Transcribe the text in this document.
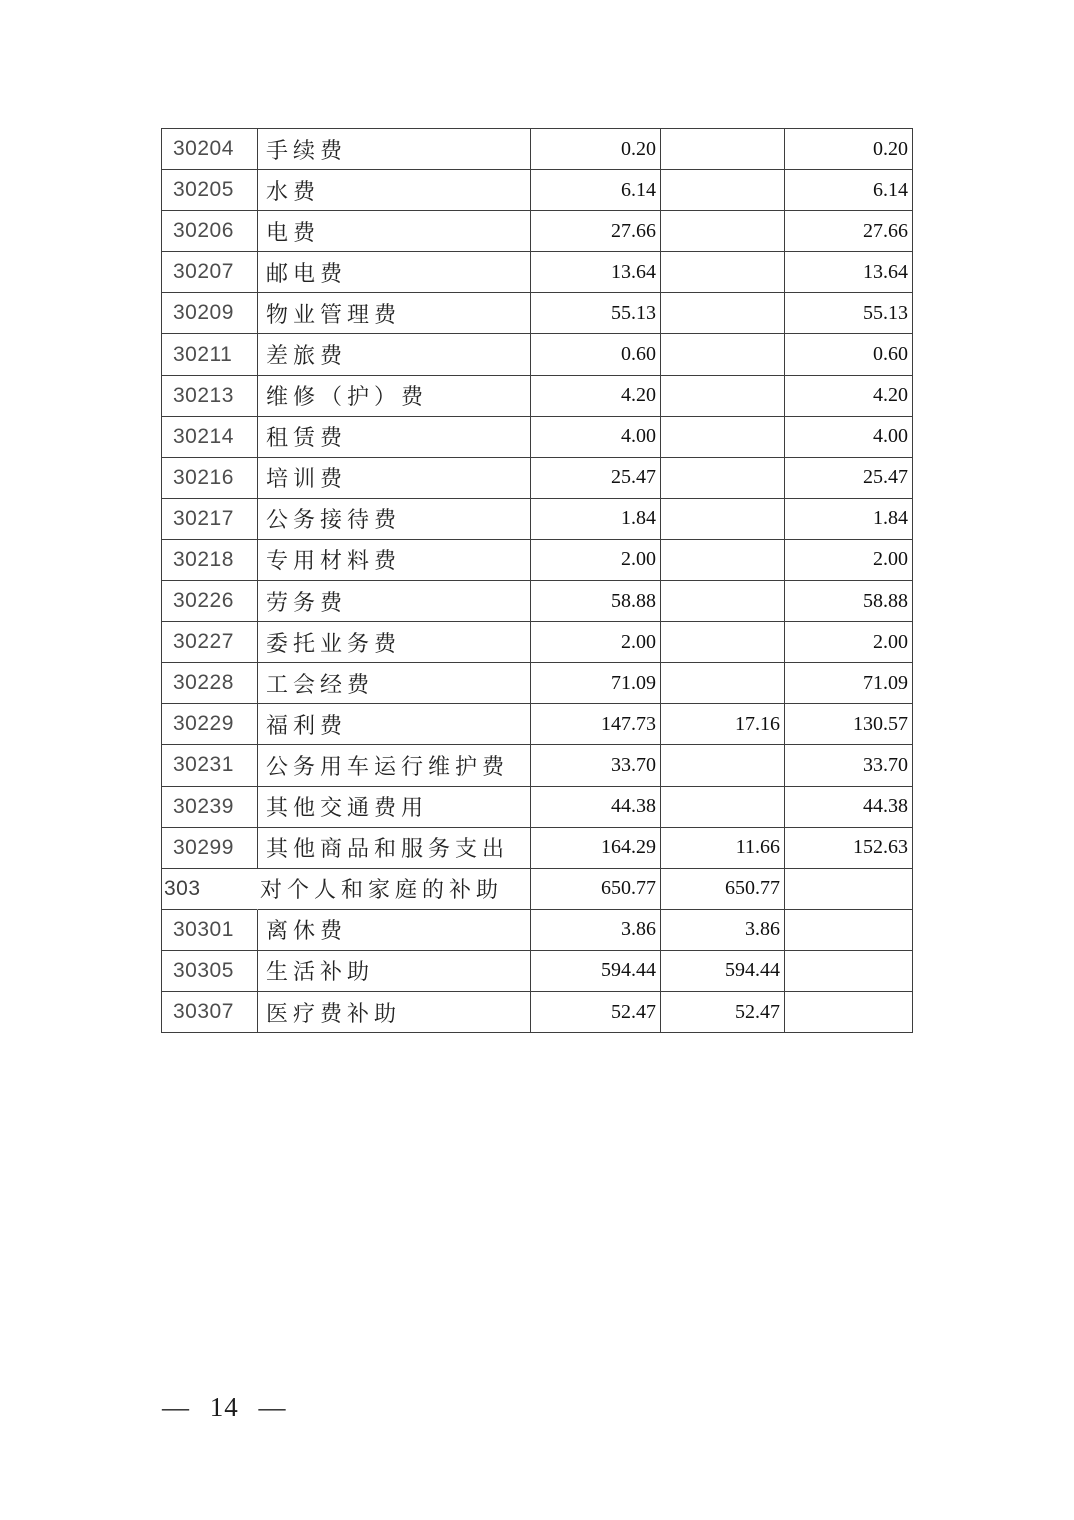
30204	手续费	0.20		0.20
30205	水费	6.14		6.14
30206	电费	27.66		27.66
30207	邮电费	13.64		13.64
30209	物业管理费	55.13		55.13
30211	差旅费	0.60		0.60
30213	维修（护）费	4.20		4.20
30214	租赁费	4.00		4.00
30216	培训费	25.47		25.47
30217	公务接待费	1.84		1.84
30218	专用材料费	2.00		2.00
30226	劳务费	58.88		58.88
30227	委托业务费	2.00		2.00
30228	工会经费	71.09		71.09
30229	福利费	147.73	17.16	130.57
30231	公务用车运行维护费	33.70		33.70
30239	其他交通费用	44.38		44.38
30299	其他商品和服务支出	164.29	11.66	152.63
303	对个人和家庭的补助	650.77	650.77	
30301	离休费	3.86	3.86	
30305	生活补助	594.44	594.44	
30307	医疗费补助	52.47	52.47	
— 14 —
